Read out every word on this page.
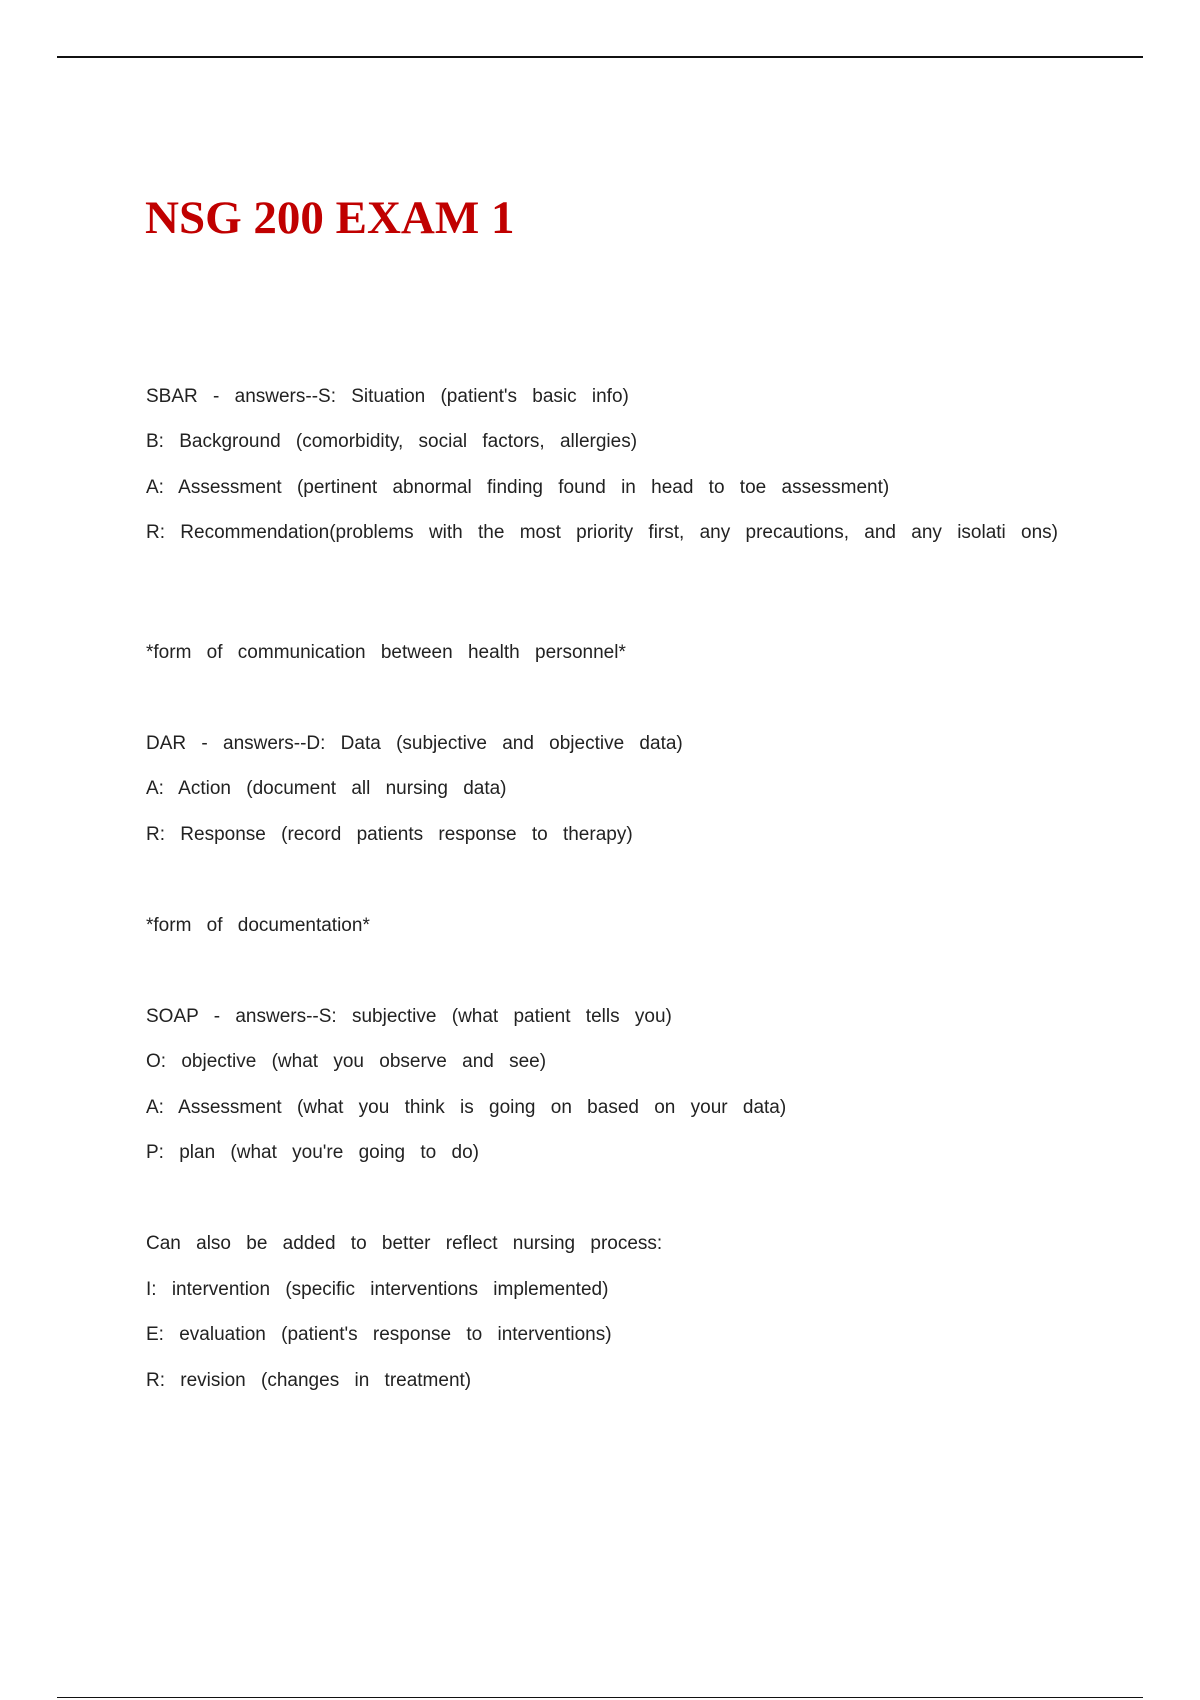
NSG 200 EXAM 1

SBAR - answers--S: Situation (patient's basic info)

B: Background (comorbidity, social factors, allergies)

A: Assessment (pertinent abnormal finding found in head to toe assessment)

R: Recommendation(problems with the most priority first, any precautions, and any isolati ons)

*form of communication between health personnel*

DAR - answers--D: Data (subjective and objective data)

A: Action (document all nursing data)

R: Response (record patients response to therapy)

*form of documentation*

SOAP - answers--S: subjective (what patient tells you)

O: objective (what you observe and see)

A: Assessment (what you think is going on based on your data)

P: plan (what you're going to do)

Can also be added to better reflect nursing process:

I: intervention (specific interventions implemented)

E: evaluation (patient's response to interventions)

R: revision (changes in treatment)
